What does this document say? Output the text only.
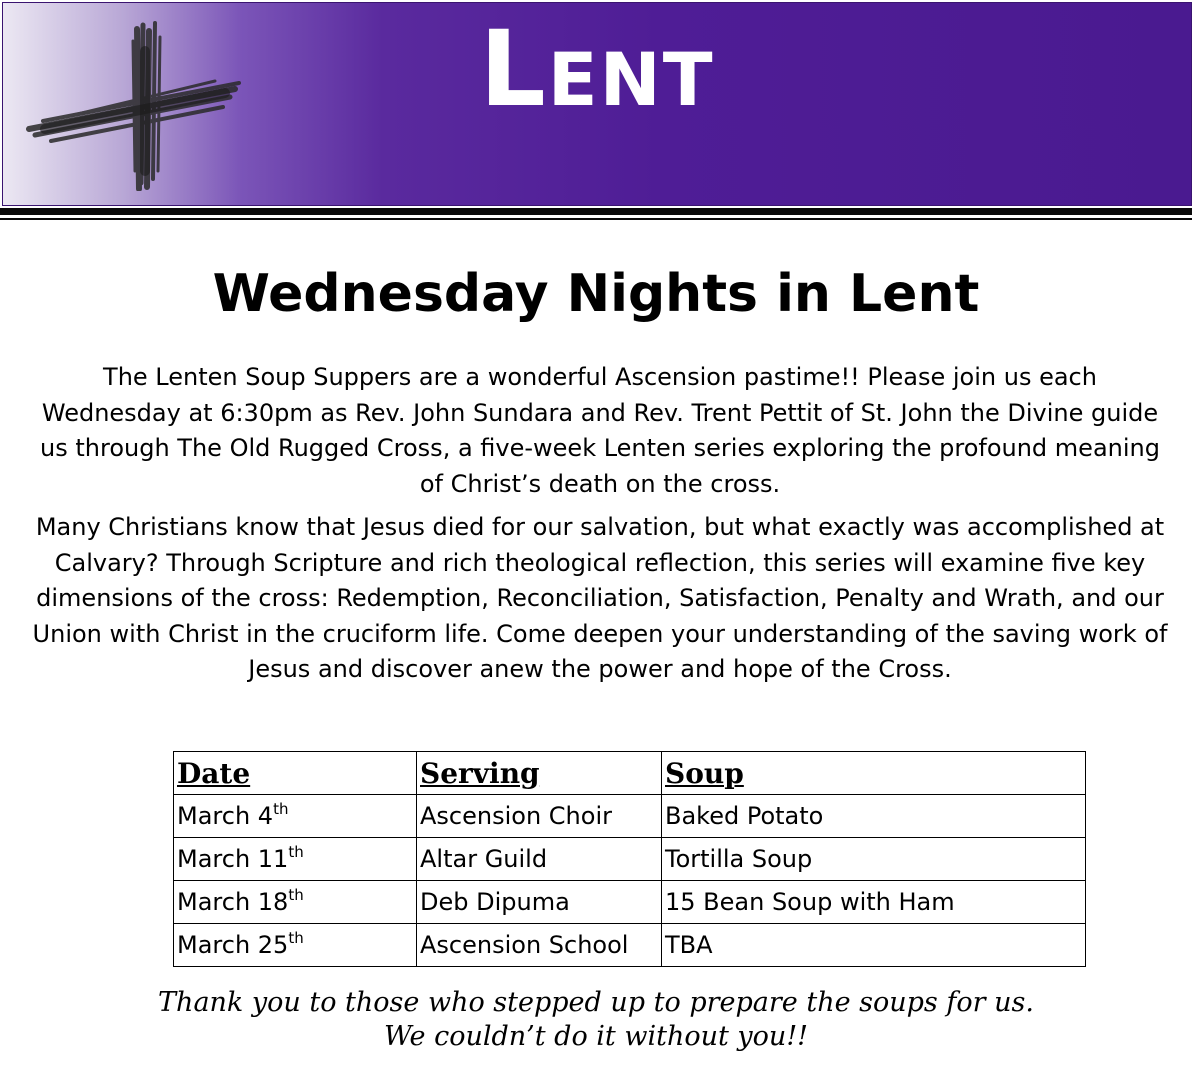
Lent
Wednesday Nights in Lent

The Lenten Soup Suppers are a wonderful Ascension pastime!! Please join us each Wednesday at 6:30pm as Rev. John Sundara and Rev. Trent Pettit of St. John the Divine guide us through The Old Rugged Cross, a five-week Lenten series exploring the profound meaning of Christ’s death on the cross.

Many Christians know that Jesus died for our salvation, but what exactly was accomplished at Calvary? Through Scripture and rich theological reflection, this series will examine five key dimensions of the cross: Redemption, Reconciliation, Satisfaction, Penalty and Wrath, and our Union with Christ in the cruciform life. Come deepen your understanding of the saving work of Jesus and discover anew the power and hope of the Cross.

Date	Serving	Soup
March 4th	Ascension Choir	Baked Potato
March 11th	Altar Guild	Tortilla Soup
March 18th	Deb Dipuma	15 Bean Soup with Ham
March 25th	Ascension School	TBA

Thank you to those who stepped up to prepare the soups for us.
We couldn’t do it without you!!
